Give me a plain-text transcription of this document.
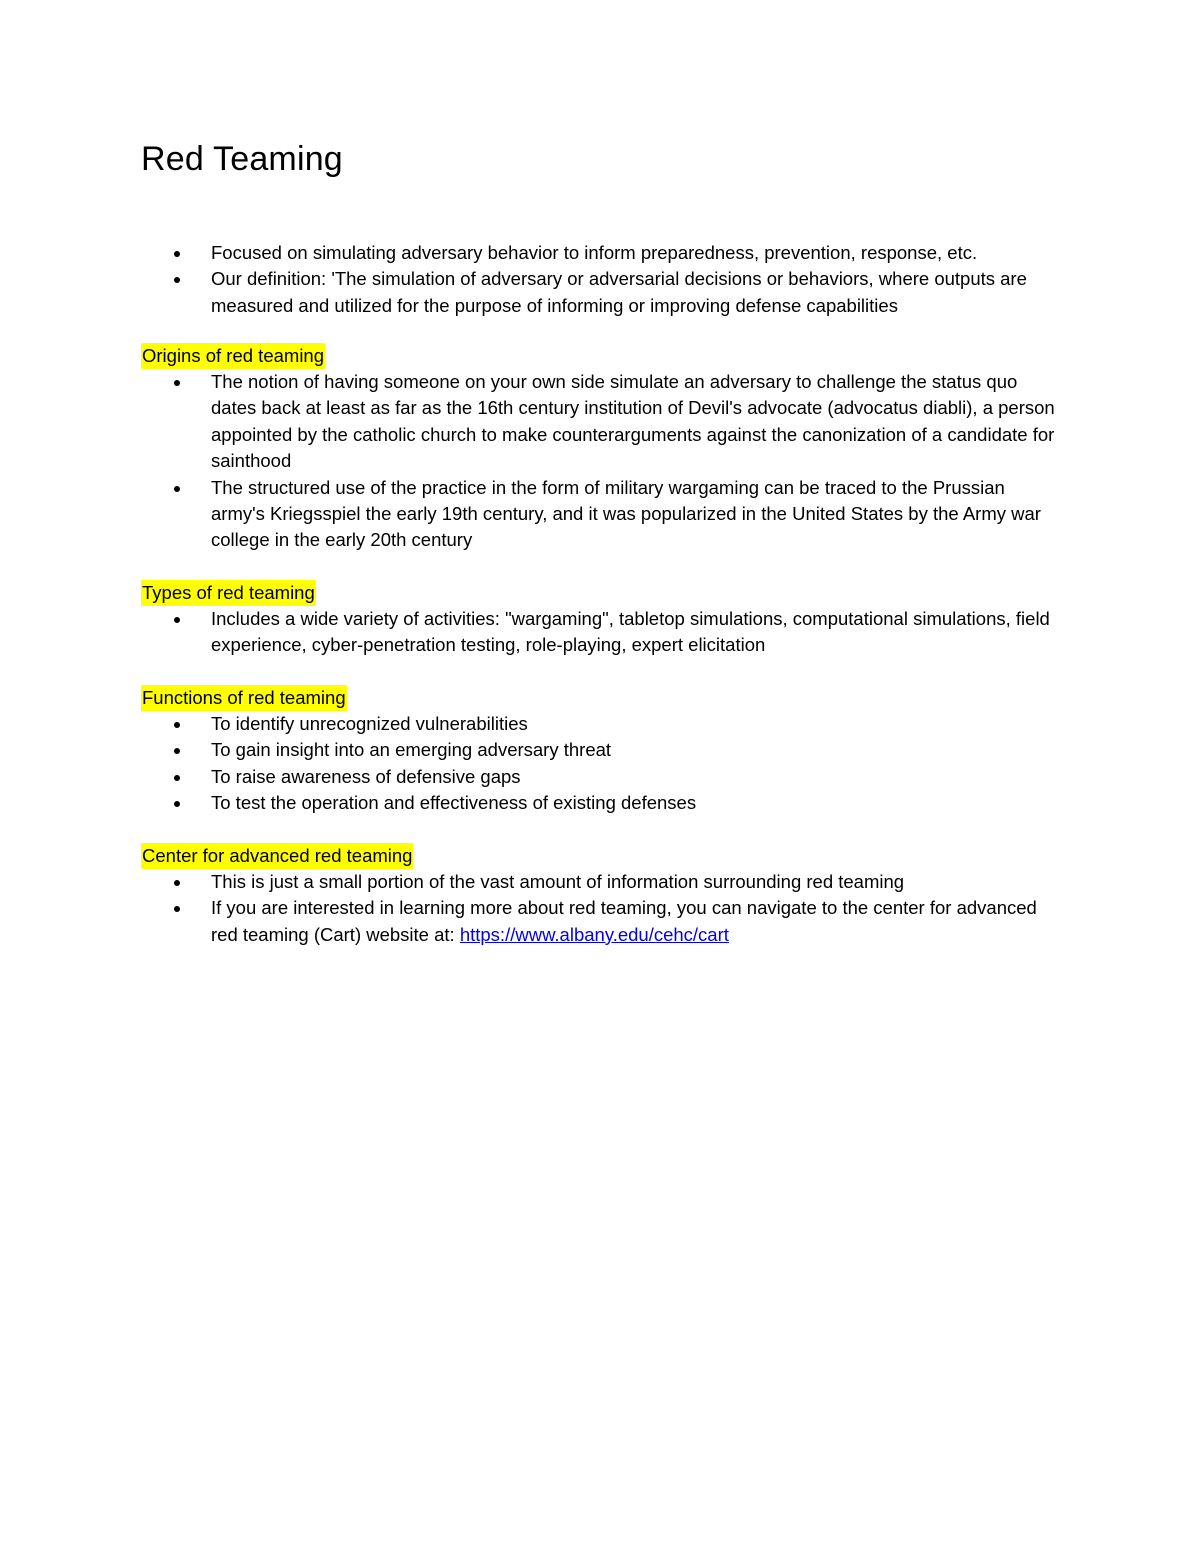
Red Teaming
Focused on simulating adversary behavior to inform preparedness, prevention, response, etc.
Our definition: 'The simulation of adversary or adversarial decisions or behaviors, where outputs are measured and utilized for the purpose of informing or improving defense capabilities
Origins of red teaming
The notion of having someone on your own side simulate an adversary to challenge the status quo dates back at least as far as the 16th century institution of Devil's advocate (advocatus diabli), a person appointed by the catholic church to make counterarguments against the canonization of a candidate for sainthood
The structured use of the practice in the form of military wargaming can be traced to the Prussian army's Kriegsspiel the early 19th century, and it was popularized in the United States by the Army war college in the early 20th century
Types of red teaming
Includes a wide variety of activities: "wargaming", tabletop simulations, computational simulations, field experience, cyber-penetration testing, role-playing, expert elicitation
Functions of red teaming
To identify unrecognized vulnerabilities
To gain insight into an emerging adversary threat
To raise awareness of defensive gaps
To test the operation and effectiveness of existing defenses
Center for advanced red teaming
This is just a small portion of the vast amount of information surrounding red teaming
If you are interested in learning more about red teaming, you can navigate to the center for advanced red teaming (Cart) website at: https://www.albany.edu/cehc/cart
